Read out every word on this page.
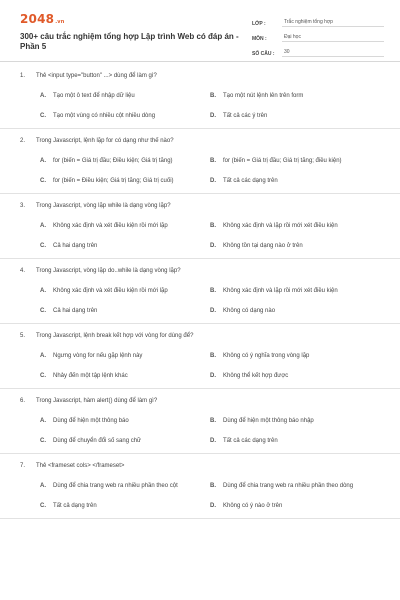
2048.vn
300+ câu trắc nghiệm tổng hợp Lập trình Web có đáp án - Phần 5
LỚP :	Trắc nghiệm tổng hợp
MÔN :	Đại học
SỐ CÂU :	30
1.	Thẻ <input type="button" ...> dùng để làm gì?
A.	Tạo một ô text để nhập dữ liệu	B.	Tạo một nút lệnh lên trên form
C.	Tạo một vùng có nhiều cột nhiều dòng	D.	Tất cả các ý trên
2.	Trong Javascript, lệnh lặp for có dạng như thế nào?
A.	for (biến = Giá trị đầu; Điều kiện; Giá trị tăng)	B.	for (biến = Giá trị đầu; Giá trị tăng; điều kiện)
C.	for (biến = Điều kiện; Giá trị tăng; Giá trị cuối)	D.	Tất cả các dạng trên
3.	Trong Javascript, vòng lặp while là dạng vòng lặp?
A.	Không xác định và xét điều kiện rồi mới lặp	B.	Không xác định và lặp rồi mới xét điều kiện
C.	Cả hai dạng trên	D.	Không tồn tại dạng nào ở trên
4.	Trong Javascript, vòng lặp do..while là dạng vòng lặp?
A.	Không xác định và xét điều kiện rồi mới lặp	B.	Không xác định và lặp rồi mới xét điều kiện
C.	Cả hai dạng trên	D.	Không có dạng nào
5.	Trong Javascript, lệnh break kết hợp với vòng for dùng để?
A.	Ngưng vòng for nếu gặp lệnh này	B.	Không có ý nghĩa trong vòng lặp
C.	Nhảy đến một tập lệnh khác	D.	Không thể kết hợp được
6.	Trong Javascript, hàm alert() dùng để làm gì?
A.	Dùng để hiện một thông báo	B.	Dùng để hiện một thông báo nhập
C.	Dùng để chuyển đổi số sang chữ	D.	Tất cả các dạng trên
7.	Thẻ <frameset cols> </frameset>
A.	Dùng để chia trang web ra nhiều phần theo cột	B.	Dùng để chia trang web ra nhiều phần theo dòng
C.	Tất cả dạng trên	D.	Không có ý nào ở trên
